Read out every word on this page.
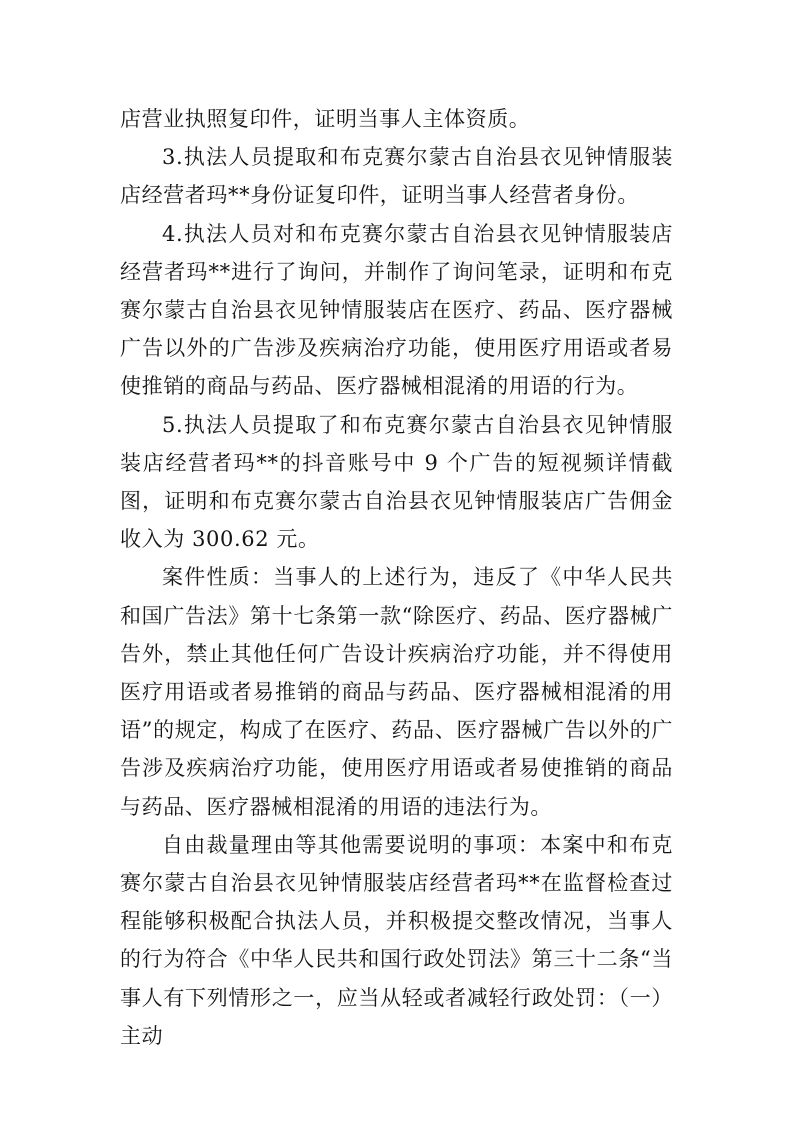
店营业执照复印件，证明当事人主体资质。

3.执法人员提取和布克赛尔蒙古自治县衣见钟情服装店经营者玛**身份证复印件，证明当事人经营者身份。

4.执法人员对和布克赛尔蒙古自治县衣见钟情服装店经营者玛**进行了询问，并制作了询问笔录，证明和布克赛尔蒙古自治县衣见钟情服装店在医疗、药品、医疗器械广告以外的广告涉及疾病治疗功能，使用医疗用语或者易使推销的商品与药品、医疗器械相混淆的用语的行为。

5.执法人员提取了和布克赛尔蒙古自治县衣见钟情服装店经营者玛**的抖音账号中 9 个广告的短视频详情截图，证明和布克赛尔蒙古自治县衣见钟情服装店广告佣金收入为 300.62 元。

案件性质：当事人的上述行为，违反了《中华人民共和国广告法》第十七条第一款“除医疗、药品、医疗器械广告外，禁止其他任何广告设计疾病治疗功能，并不得使用医疗用语或者易推销的商品与药品、医疗器械相混淆的用语”的规定，构成了在医疗、药品、医疗器械广告以外的广告涉及疾病治疗功能，使用医疗用语或者易使推销的商品与药品、医疗器械相混淆的用语的违法行为。

自由裁量理由等其他需要说明的事项：本案中和布克赛尔蒙古自治县衣见钟情服装店经营者玛**在监督检查过程能够积极配合执法人员，并积极提交整改情况，当事人的行为符合《中华人民共和国行政处罚法》第三十二条“当事人有下列情形之一，应当从轻或者减轻行政处罚：（一）主动
